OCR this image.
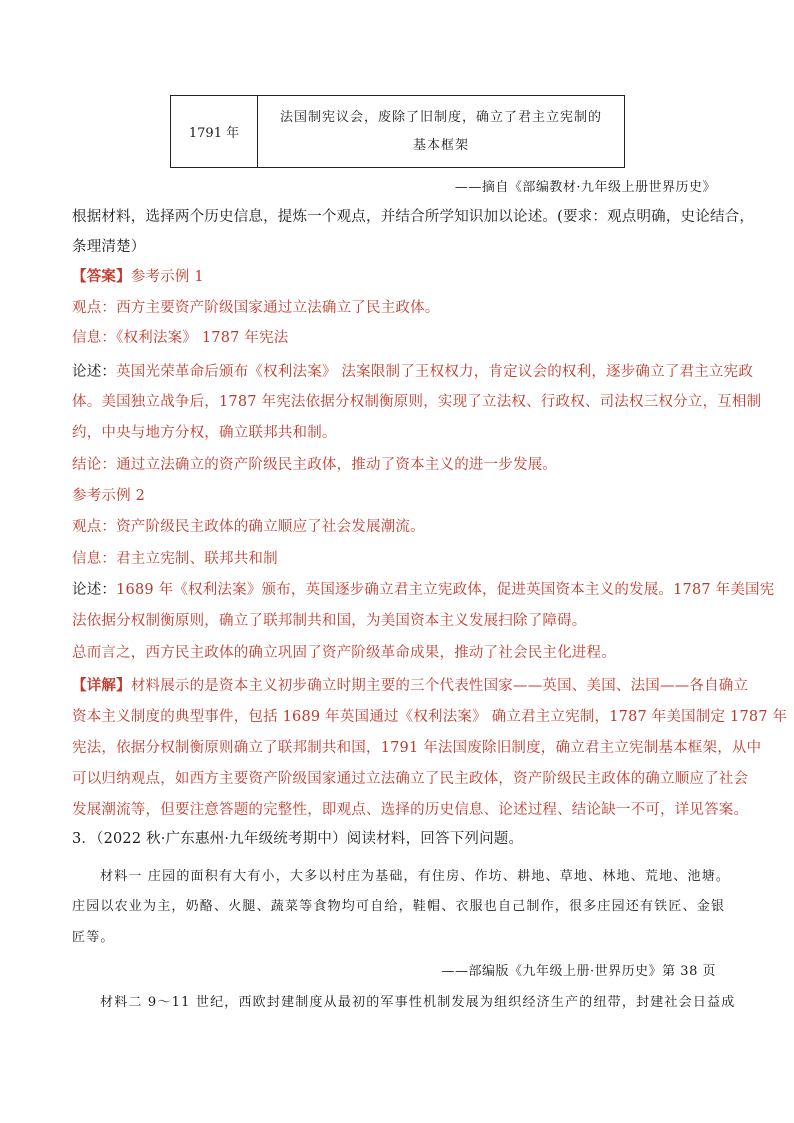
1791 年	
法国制宪议会，废除了旧制度，确立了君主立宪制的
基本框架
——摘自《部编教材·九年级上册世界历史》
根据材料，选择两个历史信息，提炼一个观点，并结合所学知识加以论述。(要求：观点明确，史论结合，
条理清楚）
【答案】参考示例 1
观点：西方主要资产阶级国家通过立法确立了民主政体。
信息：《权利法案》 1787 年宪法
论述：英国光荣革命后颁布《权利法案》 法案限制了王权权力，肯定议会的权利，逐步确立了君主立宪政
体。美国独立战争后，1787 年宪法依据分权制衡原则，实现了立法权、行政权、司法权三权分立，互相制
约，中央与地方分权，确立联邦共和制。
结论：通过立法确立的资产阶级民主政体，推动了资本主义的进一步发展。
参考示例 2
观点：资产阶级民主政体的确立顺应了社会发展潮流。
信息：君主立宪制、联邦共和制
论述：1689 年《权利法案》颁布，英国逐步确立君主立宪政体，促进英国资本主义的发展。1787 年美国宪
法依据分权制衡原则，确立了联邦制共和国，为美国资本主义发展扫除了障碍。
总而言之，西方民主政体的确立巩固了资产阶级革命成果，推动了社会民主化进程。
【详解】材料展示的是资本主义初步确立时期主要的三个代表性国家——英国、美国、法国——各自确立
资本主义制度的典型事件，包括 1689 年英国通过《权利法案》 确立君主立宪制，1787 年美国制定 1787 年
宪法，依据分权制衡原则确立了联邦制共和国，1791 年法国废除旧制度，确立君主立宪制基本框架，从中
可以归纳观点，如西方主要资产阶级国家通过立法确立了民主政体，资产阶级民主政体的确立顺应了社会
发展潮流等，但要注意答题的完整性，即观点、选择的历史信息、论述过程、结论缺一不可，详见答案。
3．（2022 秋·广东惠州·九年级统考期中）阅读材料，回答下列问题。
材料一 庄园的面积有大有小，大多以村庄为基础，有住房、作坊、耕地、草地、林地、荒地、池塘。
庄园以农业为主，奶酪、火腿、蔬菜等食物均可自给，鞋帽、衣服也自己制作，很多庄园还有铁匠、金银
匠等。
——部编版《九年级上册·世界历史》第 38 页
材料二 9～11 世纪，西欧封建制度从最初的军事性机制发展为组织经济生产的纽带，封建社会日益成
